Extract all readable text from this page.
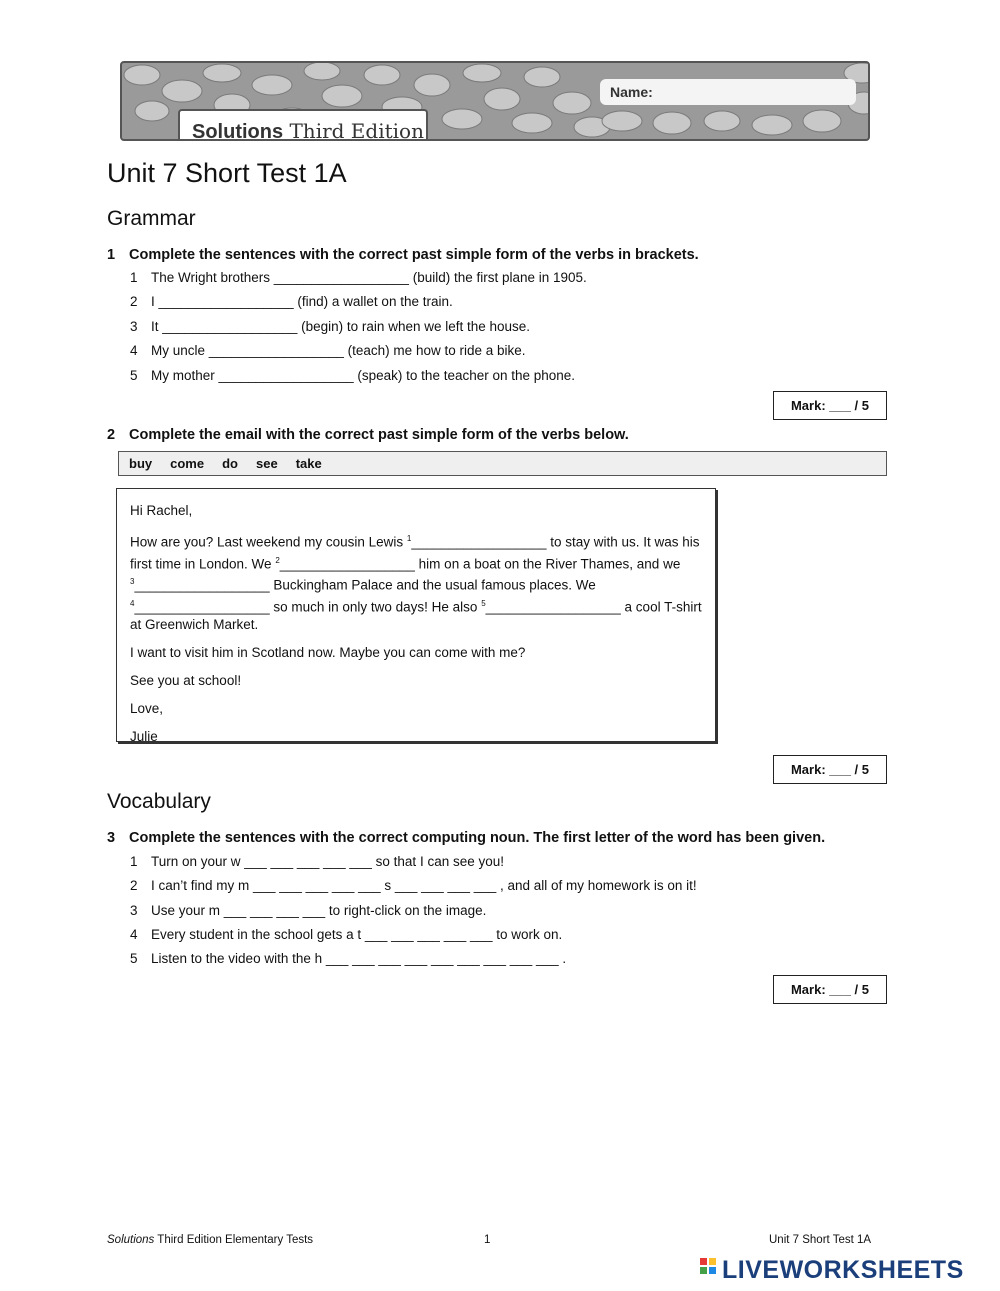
Name:
Solutions Third Edition
Unit 7 Short Test 1A
Grammar
1 Complete the sentences with the correct past simple form of the verbs in brackets.
1 The Wright brothers __________________ (build) the first plane in 1905.
2 I __________________ (find) a wallet on the train.
3 It __________________ (begin) to rain when we left the house.
4 My uncle __________________ (teach) me how to ride a bike.
5 My mother __________________ (speak) to the teacher on the phone.
Mark: ___ / 5
2 Complete the email with the correct past simple form of the verbs below.
buy come do see take

Hi Rachel,

How are you? Last weekend my cousin Lewis $^1$__________________ to stay with us. It was his first time in London. We $^2$__________________ him on a boat on the River Thames, and we $^3$__________________ Buckingham Palace and the usual famous places. We $^4$__________________ so much in only two days! He also $^5$__________________ a cool T-shirt at Greenwich Market.

I want to visit him in Scotland now. Maybe you can come with me?

See you at school!

Love,

Julie

Mark: ___ / 5
Vocabulary
3 Complete the sentences with the correct computing noun. The first letter of the word has been given.
1 Turn on your w ___ ___ ___ ___ ___ so that I can see you!
2 I can’t find my m ___ ___ ___ ___ ___ s ___ ___ ___ ___ , and all of my homework is on it!
3 Use your m ___ ___ ___ ___ to right-click on the image.
4 Every student in the school gets a t ___ ___ ___ ___ ___ to work on.
5 Listen to the video with the h ___ ___ ___ ___ ___ ___ ___ ___ ___ .
Mark: ___ / 5
Solutions Third Edition Elementary Tests	1	Unit 7 Short Test 1A
LIVEWORKSHEETS
